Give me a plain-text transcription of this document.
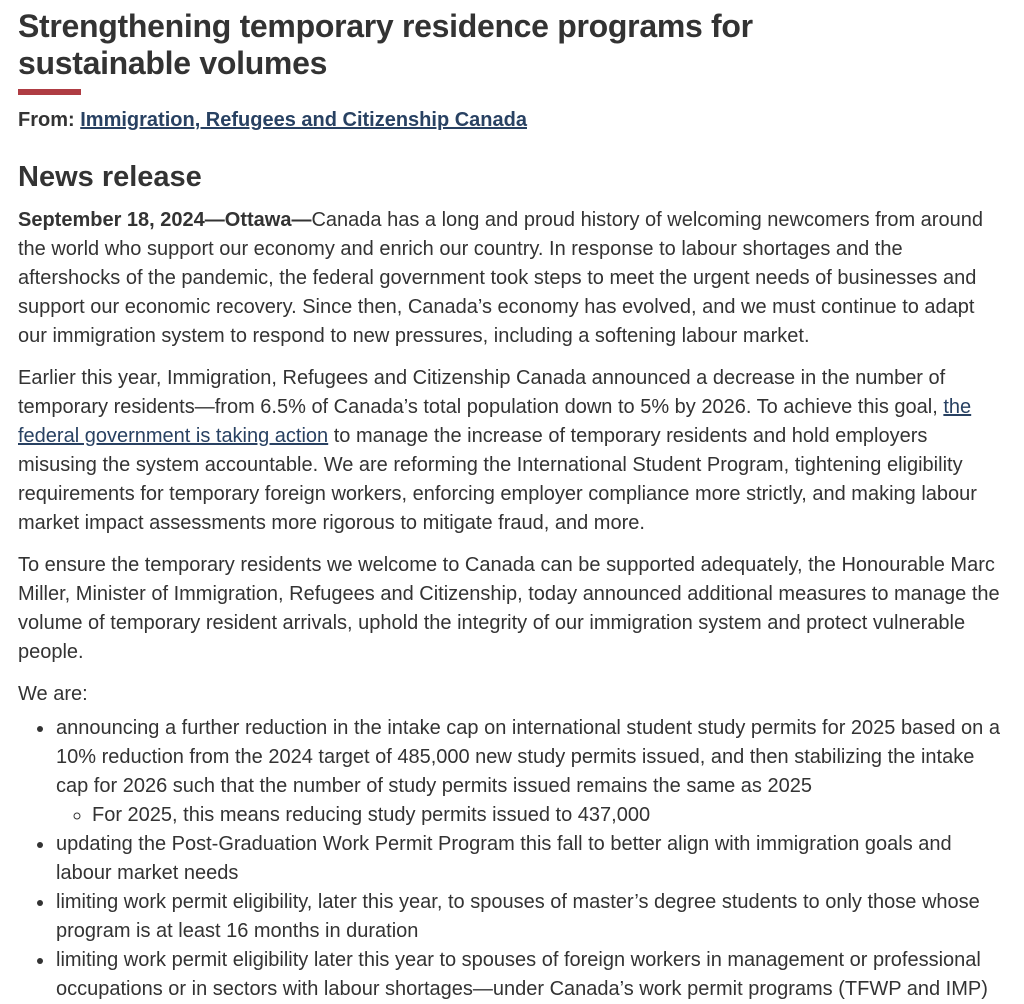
Strengthening temporary residence programs for sustainable volumes
From: Immigration, Refugees and Citizenship Canada
News release

September 18, 2024—Ottawa—Canada has a long and proud history of welcoming newcomers from around the world who support our economy and enrich our country. In response to labour shortages and the aftershocks of the pandemic, the federal government took steps to meet the urgent needs of businesses and support our economic recovery. Since then, Canada’s economy has evolved, and we must continue to adapt our immigration system to respond to new pressures, including a softening labour market.

Earlier this year, Immigration, Refugees and Citizenship Canada announced a decrease in the number of temporary residents—from 6.5% of Canada’s total population down to 5% by 2026. To achieve this goal, the federal government is taking action to manage the increase of temporary residents and hold employers misusing the system accountable. We are reforming the International Student Program, tightening eligibility requirements for temporary foreign workers, enforcing employer compliance more strictly, and making labour market impact assessments more rigorous to mitigate fraud, and more.

To ensure the temporary residents we welcome to Canada can be supported adequately, the Honourable Marc Miller, Minister of Immigration, Refugees and Citizenship, today announced additional measures to manage the volume of temporary resident arrivals, uphold the integrity of our immigration system and protect vulnerable people.

We are:

• announcing a further reduction in the intake cap on international student study permits for 2025 based on a 10% reduction from the 2024 target of 485,000 new study permits issued, and then stabilizing the intake cap for 2026 such that the number of study permits issued remains the same as 2025
◦ For 2025, this means reducing study permits issued to 437,000
• updating the Post-Graduation Work Permit Program this fall to better align with immigration goals and labour market needs
• limiting work permit eligibility, later this year, to spouses of master’s degree students to only those whose program is at least 16 months in duration
• limiting work permit eligibility later this year to spouses of foreign workers in management or professional occupations or in sectors with labour shortages—under Canada’s work permit programs (TFWP and IMP)
